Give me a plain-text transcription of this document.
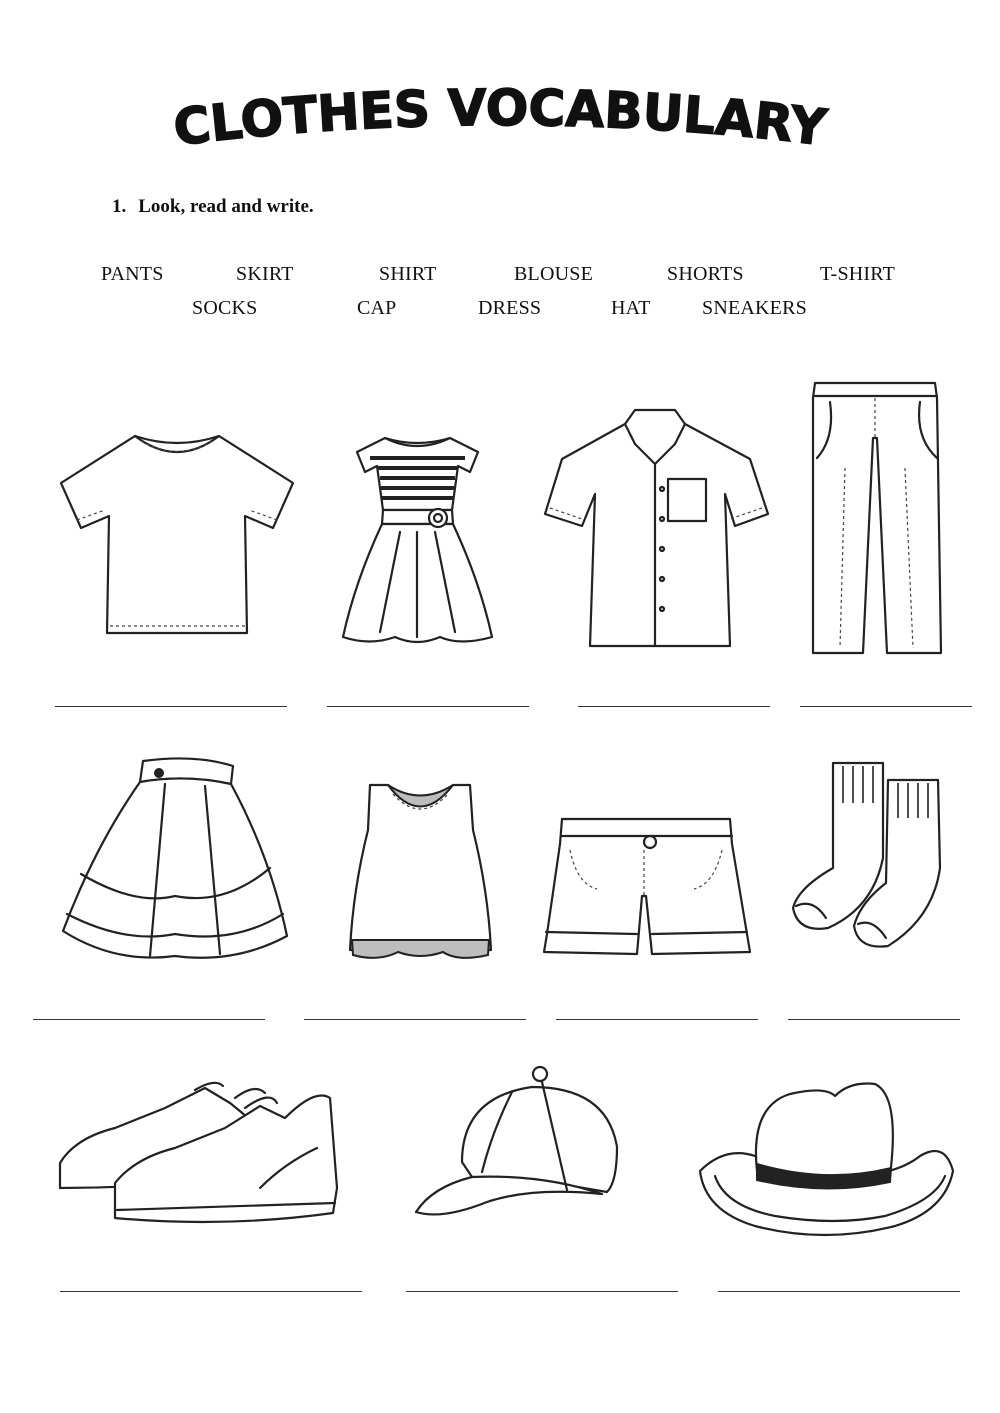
CLOTHES VOCABULARY
1. Look, read and write.
PANTS	SKIRT	SHIRT	BLOUSE	SHORTS	T-SHIRT
SOCKS	CAP	DRESS	HAT	SNEAKERS
